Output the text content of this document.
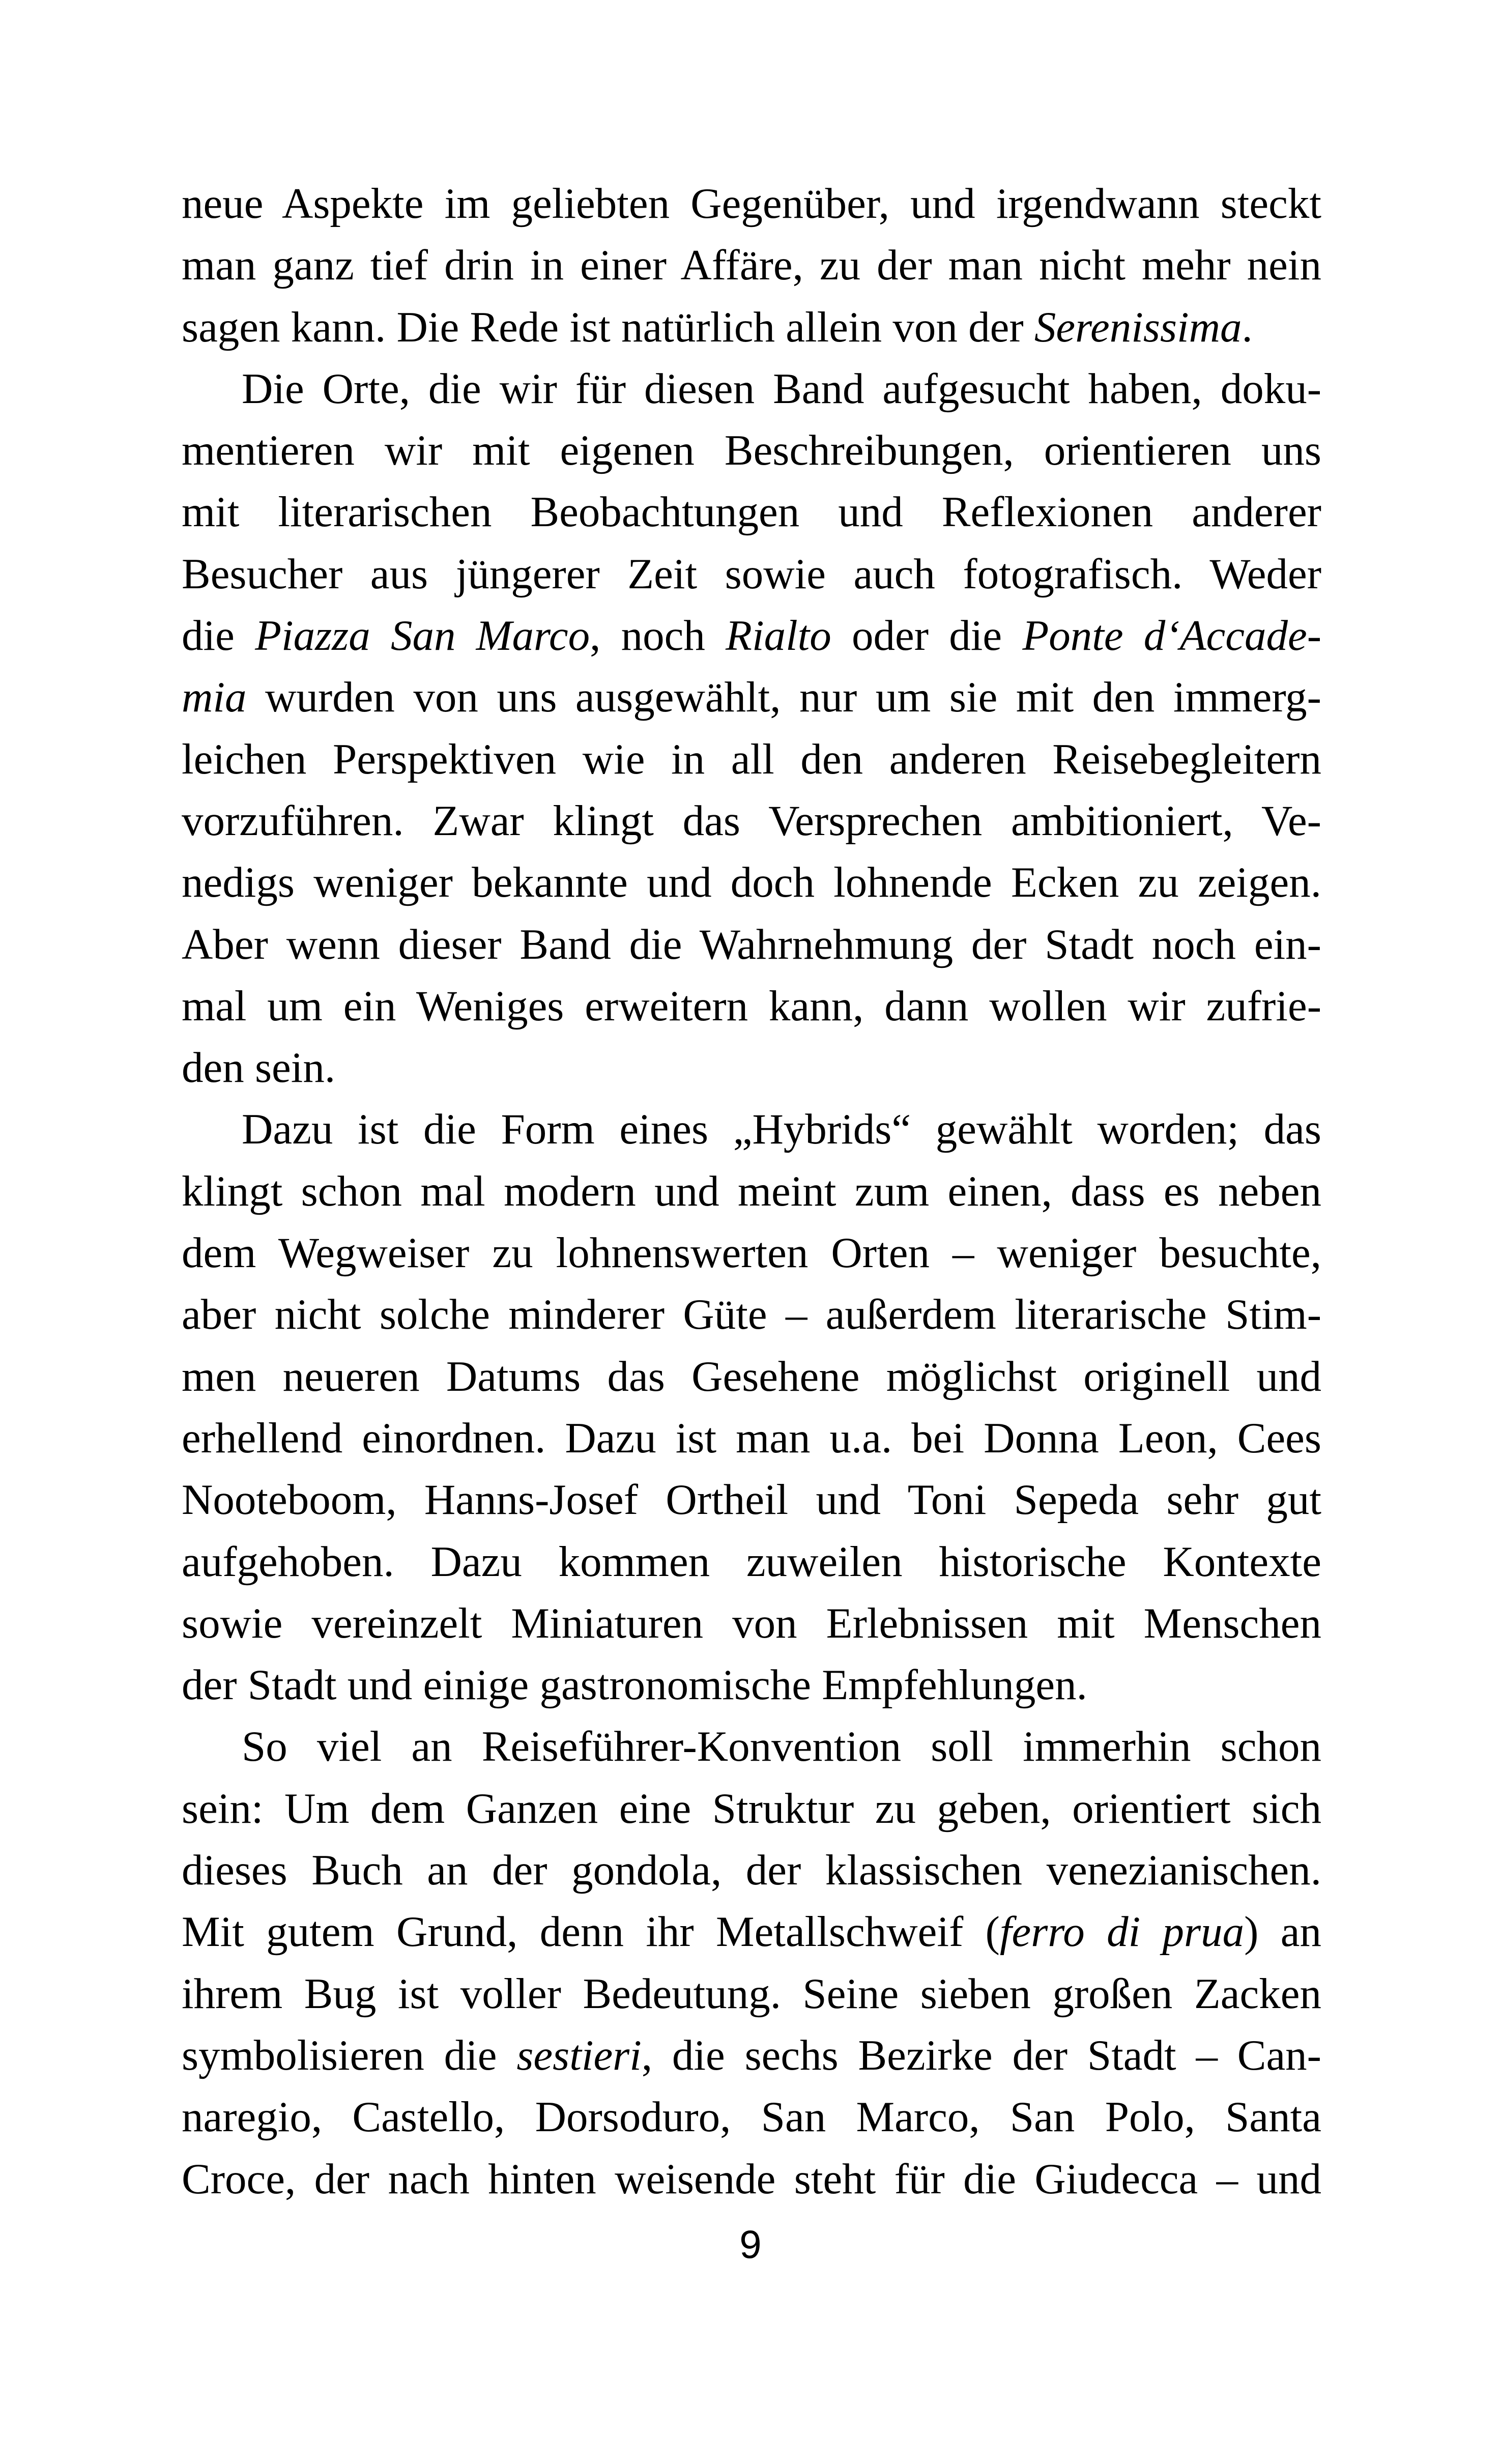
neue Aspekte im geliebten Gegenüber, und irgendwann steckt
man ganz tief drin in einer Affäre, zu der man nicht mehr nein
sagen kann. Die Rede ist natürlich allein von der Serenissima.
Die Orte, die wir für diesen Band aufgesucht haben, doku-
mentieren wir mit eigenen Beschreibungen, orientieren uns
mit literarischen Beobachtungen und Reflexionen anderer
Besucher aus jüngerer Zeit sowie auch fotografisch. Weder
die Piazza San Marco, noch Rialto oder die Ponte d‘Accade-
mia wurden von uns ausgewählt, nur um sie mit den immerg-
leichen Perspektiven wie in all den anderen Reisebegleitern
vorzuführen. Zwar klingt das Versprechen ambitioniert, Ve-
nedigs weniger bekannte und doch lohnende Ecken zu zeigen.
Aber wenn dieser Band die Wahrnehmung der Stadt noch ein-
mal um ein Weniges erweitern kann, dann wollen wir zufrie-
den sein.
Dazu ist die Form eines „Hybrids“ gewählt worden; das
klingt schon mal modern und meint zum einen, dass es neben
dem Wegweiser zu lohnenswerten Orten – weniger besuchte,
aber nicht solche minderer Güte – außerdem literarische Stim-
men neueren Datums das Gesehene möglichst originell und
erhellend einordnen. Dazu ist man u.a. bei Donna Leon, Cees
Nooteboom, Hanns-Josef Ortheil und Toni Sepeda sehr gut
aufgehoben. Dazu kommen zuweilen historische Kontexte
sowie vereinzelt Miniaturen von Erlebnissen mit Menschen
der Stadt und einige gastronomische Empfehlungen.
So viel an Reiseführer-Konvention soll immerhin schon
sein: Um dem Ganzen eine Struktur zu geben, orientiert sich
dieses Buch an der gondola, der klassischen venezianischen.
Mit gutem Grund, denn ihr Metallschweif (ferro di prua) an
ihrem Bug ist voller Bedeutung. Seine sieben großen Zacken
symbolisieren die sestieri, die sechs Bezirke der Stadt – Can-
naregio, Castello, Dorsoduro, San Marco, San Polo, Santa
Croce, der nach hinten weisende steht für die Giudecca – und
9
